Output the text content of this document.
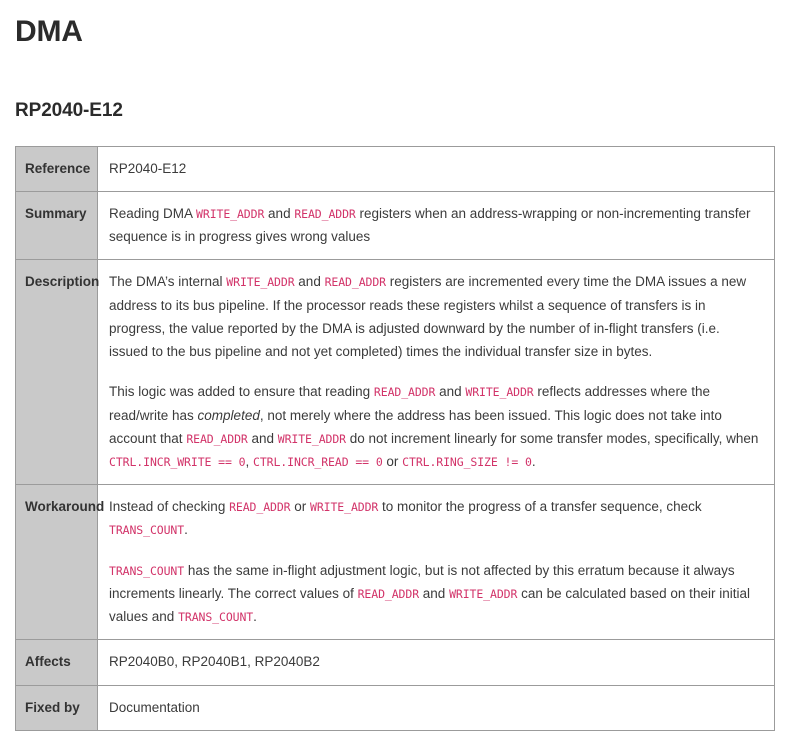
DMA
RP2040-E12
Reference	RP2040-E12

Summary	Reading DMA WRITE_ADDR and READ_ADDR registers when an address-wrapping or non-incrementing transfer sequence is in progress gives wrong values

Description	The DMA’s internal WRITE_ADDR and READ_ADDR registers are incremented every time the DMA issues a new address to its bus pipeline. If the processor reads these registers whilst a sequence of transfers is in progress, the value reported by the DMA is adjusted downward by the number of in-flight transfers (i.e. issued to the bus pipeline and not yet completed) times the individual transfer size in bytes.

This logic was added to ensure that reading READ_ADDR and WRITE_ADDR reflects addresses where the read/write has completed, not merely where the address has been issued. This logic does not take into account that READ_ADDR and WRITE_ADDR do not increment linearly for some transfer modes, specifically, when CTRL.INCR_WRITE == 0, CTRL.INCR_READ == 0 or CTRL.RING_SIZE != 0.

Workaround	Instead of checking READ_ADDR or WRITE_ADDR to monitor the progress of a transfer sequence, check TRANS_COUNT.

TRANS_COUNT has the same in-flight adjustment logic, but is not affected by this erratum because it always increments linearly. The correct values of READ_ADDR and WRITE_ADDR can be calculated based on their initial values and TRANS_COUNT.

Affects	RP2040B0, RP2040B1, RP2040B2

Fixed by	Documentation
